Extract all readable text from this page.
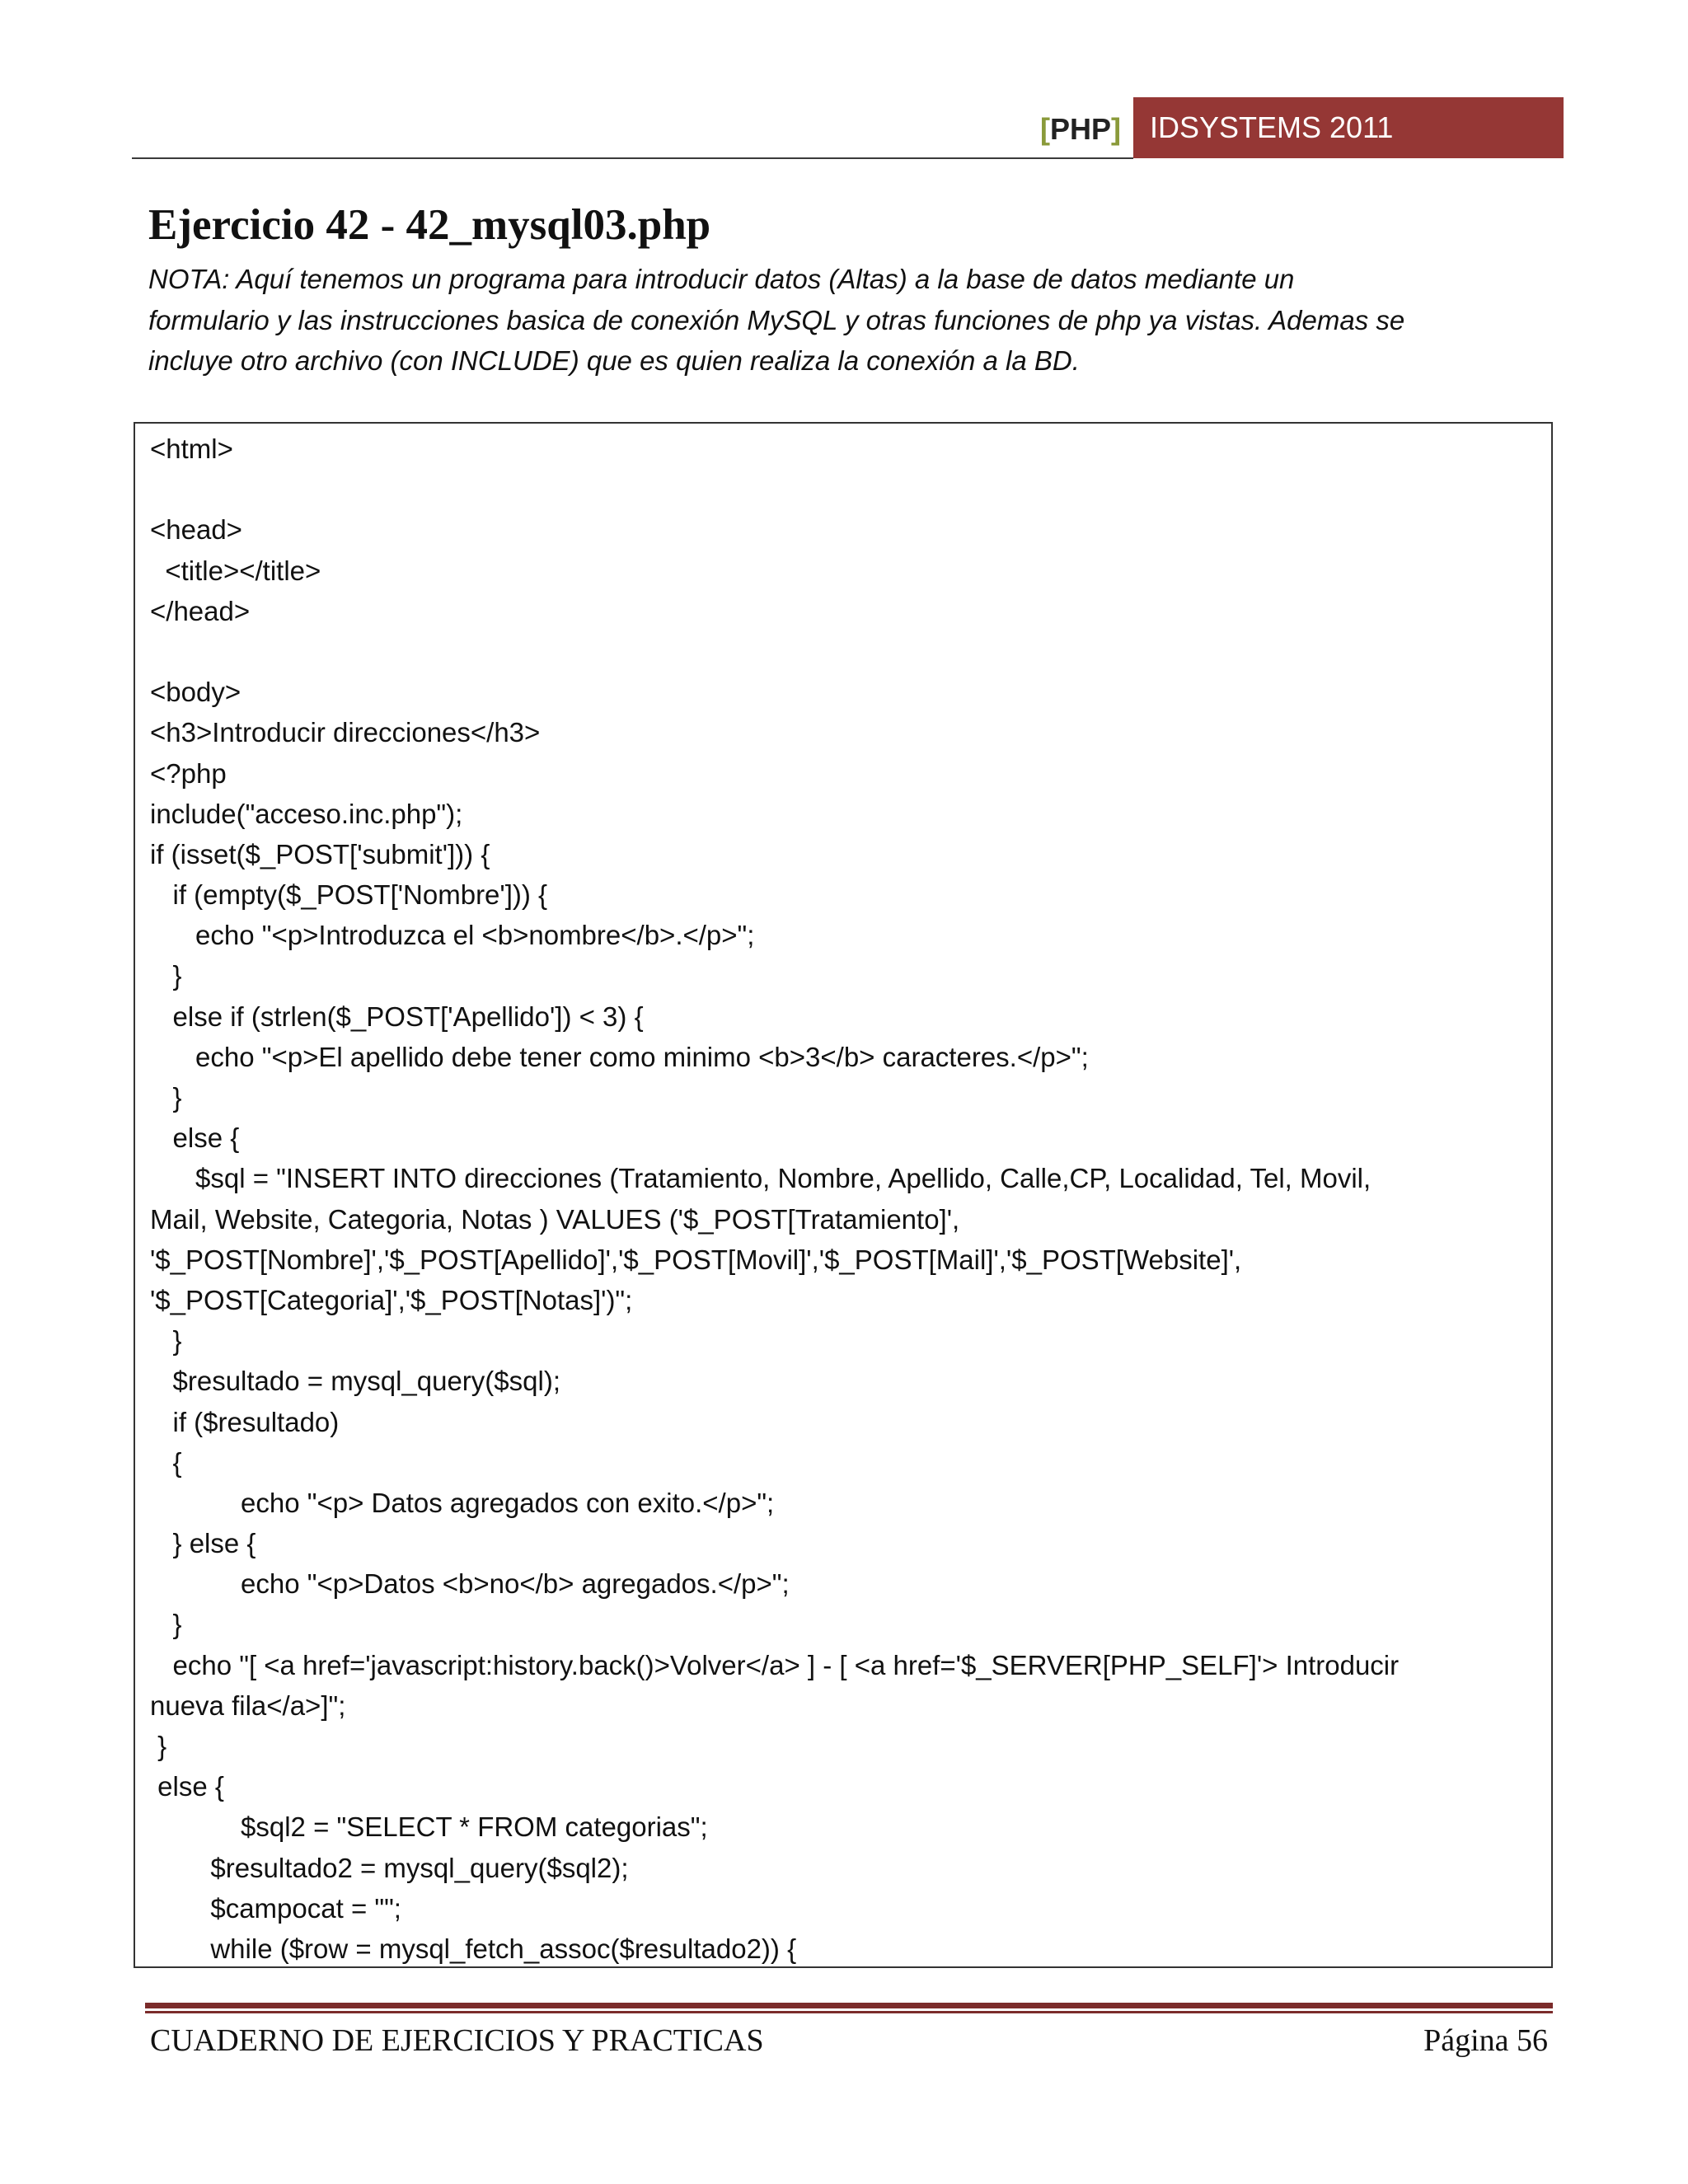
[PHP] IDSYSTEMS 2011
Ejercicio 42 - 42_mysql03.php
NOTA: Aquí tenemos un programa para introducir datos (Altas) a la base de datos mediante un
formulario y las instrucciones basica de conexión MySQL y otras funciones de php ya vistas. Ademas se
incluye otro archivo (con INCLUDE) que es quien realiza la conexión a la BD.
<html>
<head>
<title></title>
</head>
<body>
<h3>Introducir direcciones</h3>
<?php
include("acceso.inc.php");
if (isset($_POST['submit'])) {
if (empty($_POST['Nombre'])) {
echo "<p>Introduzca el <b>nombre</b>.</p>";
}
else if (strlen($_POST['Apellido']) < 3) {
echo "<p>El apellido debe tener como minimo <b>3</b> caracteres.</p>";
}
else {
$sql = "INSERT INTO direcciones (Tratamiento, Nombre, Apellido, Calle,CP, Localidad, Tel, Movil,
Mail, Website, Categoria, Notas ) VALUES ('$_POST[Tratamiento]',
'$_POST[Nombre]','$_POST[Apellido]','$_POST[Movil]','$_POST[Mail]','$_POST[Website]',
'$_POST[Categoria]','$_POST[Notas]')";
}
$resultado = mysql_query($sql);
if ($resultado)
{
echo "<p> Datos agregados con exito.</p>";
} else {
echo "<p>Datos <b>no</b> agregados.</p>";
}
echo "[ <a href='javascript:history.back()>Volver</a> ] - [ <a href='$_SERVER[PHP_SELF]'> Introducir
nueva fila</a>]";
}
else {
$sql2 = "SELECT * FROM categorias";
$resultado2 = mysql_query($sql2);
$campocat = "";
while ($row = mysql_fetch_assoc($resultado2)) {
CUADERNO DE EJERCICIOS Y PRACTICAS	Página 56
